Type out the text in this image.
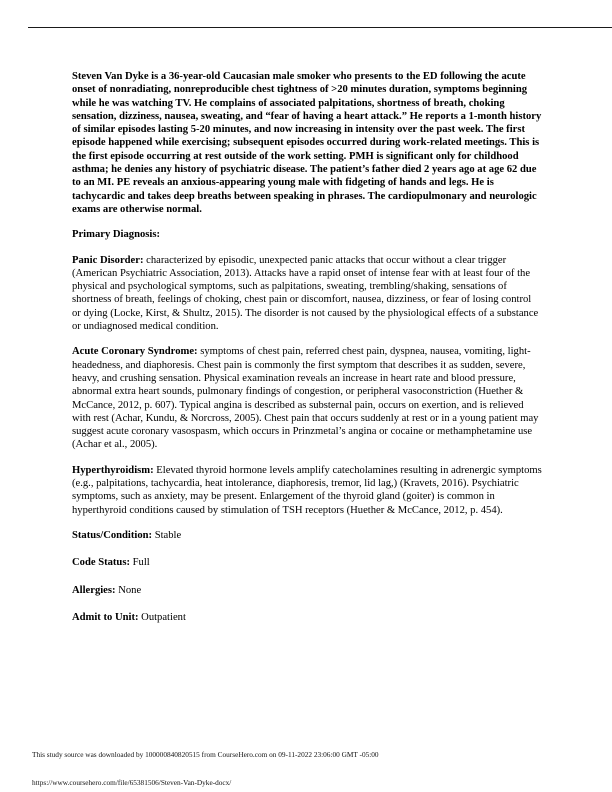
Steven Van Dyke is a 36-year-old Caucasian male smoker who presents to the ED following the acute onset of nonradiating, nonreproducible chest tightness of >20 minutes duration, symptoms beginning while he was watching TV. He complains of associated palpitations, shortness of breath, choking sensation, dizziness, nausea, sweating, and “fear of having a heart attack.” He reports a 1-month history of similar episodes lasting 5-20 minutes, and now increasing in intensity over the past week. The first episode happened while exercising; subsequent episodes occurred during work-related meetings. This is the first episode occurring at rest outside of the work setting. PMH is significant only for childhood asthma; he denies any history of psychiatric disease. The patient’s father died 2 years ago at age 62 due to an MI. PE reveals an anxious-appearing young male with fidgeting of hands and legs. He is tachycardic and takes deep breaths between speaking in phrases. The cardiopulmonary and neurologic exams are otherwise normal.

Primary Diagnosis:

Panic Disorder: characterized by episodic, unexpected panic attacks that occur without a clear trigger (American Psychiatric Association, 2013). Attacks have a rapid onset of intense fear with at least four of the physical and psychological symptoms, such as palpitations, sweating, trembling/shaking, sensations of shortness of breath, feelings of choking, chest pain or discomfort, nausea, dizziness, or fear of losing control or dying (Locke, Kirst, & Shultz, 2015). The disorder is not caused by the physiological effects of a substance or undiagnosed medical condition.

Acute Coronary Syndrome: symptoms of chest pain, referred chest pain, dyspnea, nausea, vomiting, light-headedness, and diaphoresis. Chest pain is commonly the first symptom that describes it as sudden, severe, heavy, and crushing sensation. Physical examination reveals an increase in heart rate and blood pressure, abnormal extra heart sounds, pulmonary findings of congestion, or peripheral vasoconstriction (Huether & McCance, 2012, p. 607). Typical angina is described as substernal pain, occurs on exertion, and is relieved with rest (Achar, Kundu, & Norcross, 2005). Chest pain that occurs suddenly at rest or in a young patient may suggest acute coronary vasospasm, which occurs in Prinzmetal’s angina or cocaine or methamphetamine use (Achar et al., 2005).

Hyperthyroidism: Elevated thyroid hormone levels amplify catecholamines resulting in adrenergic symptoms (e.g., palpitations, tachycardia, heat intolerance, diaphoresis, tremor, lid lag,) (Kravets, 2016). Psychiatric symptoms, such as anxiety, may be present. Enlargement of the thyroid gland (goiter) is common in hyperthyroid conditions caused by stimulation of TSH receptors (Huether & McCance, 2012, p. 454).

Status/Condition: Stable

Code Status: Full

Allergies: None

Admit to Unit: Outpatient

This study source was downloaded by 100000840820515 from CourseHero.com on 09-11-2022 23:06:00 GMT -05:00
https://www.coursehero.com/file/65381506/Steven-Van-Dyke-docx/
